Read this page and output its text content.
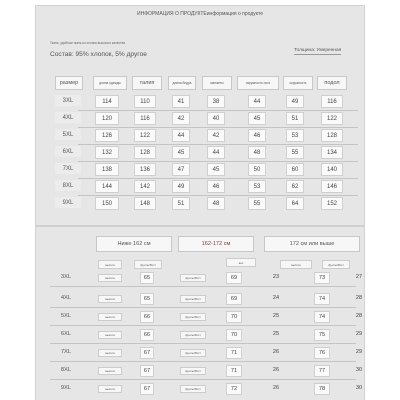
ИНФОРМАЦИЯ О ПРОДУКТЕинформация о продукте
Ткань: удобная ткань из хлопка высокого качества
Состав: 95% хлопок, 5% другое
Толщина: Умеренная
размер	длина одежды	талия	длина бедра	манжеты	окружность ноги	окружность	подол
3XL	114	110	41	38	44	49	116
4XL	120	116	42	40	45	51	122
5XL	126	122	44	42	46	53	128
6XL	132	128	45	44	48	55	134
7XL	138	136	47	45	50	60	140
8XL	144	142	49	46	53	62	146
9XL	150	148	51	48	55	64	152
Ниже 162 см	162-172 см	172 см или выше
высота	фунты/Рост	вес	высота	фунты/Рост
3XL	высота	65	фунты/Рост	69	23	73	27
4XL	высота	65	фунты/Рост	69	24	74	28
5XL	высота	66	фунты/Рост	70	25	74	28
6XL	высота	66	фунты/Рост	70	25	75	29
7XL	высота	67	фунты/Рост	71	26	76	29
8XL	высота	67	фунты/Рост	71	26	77	30
9XL	высота	67	фунты/Рост	72	26	78	30
